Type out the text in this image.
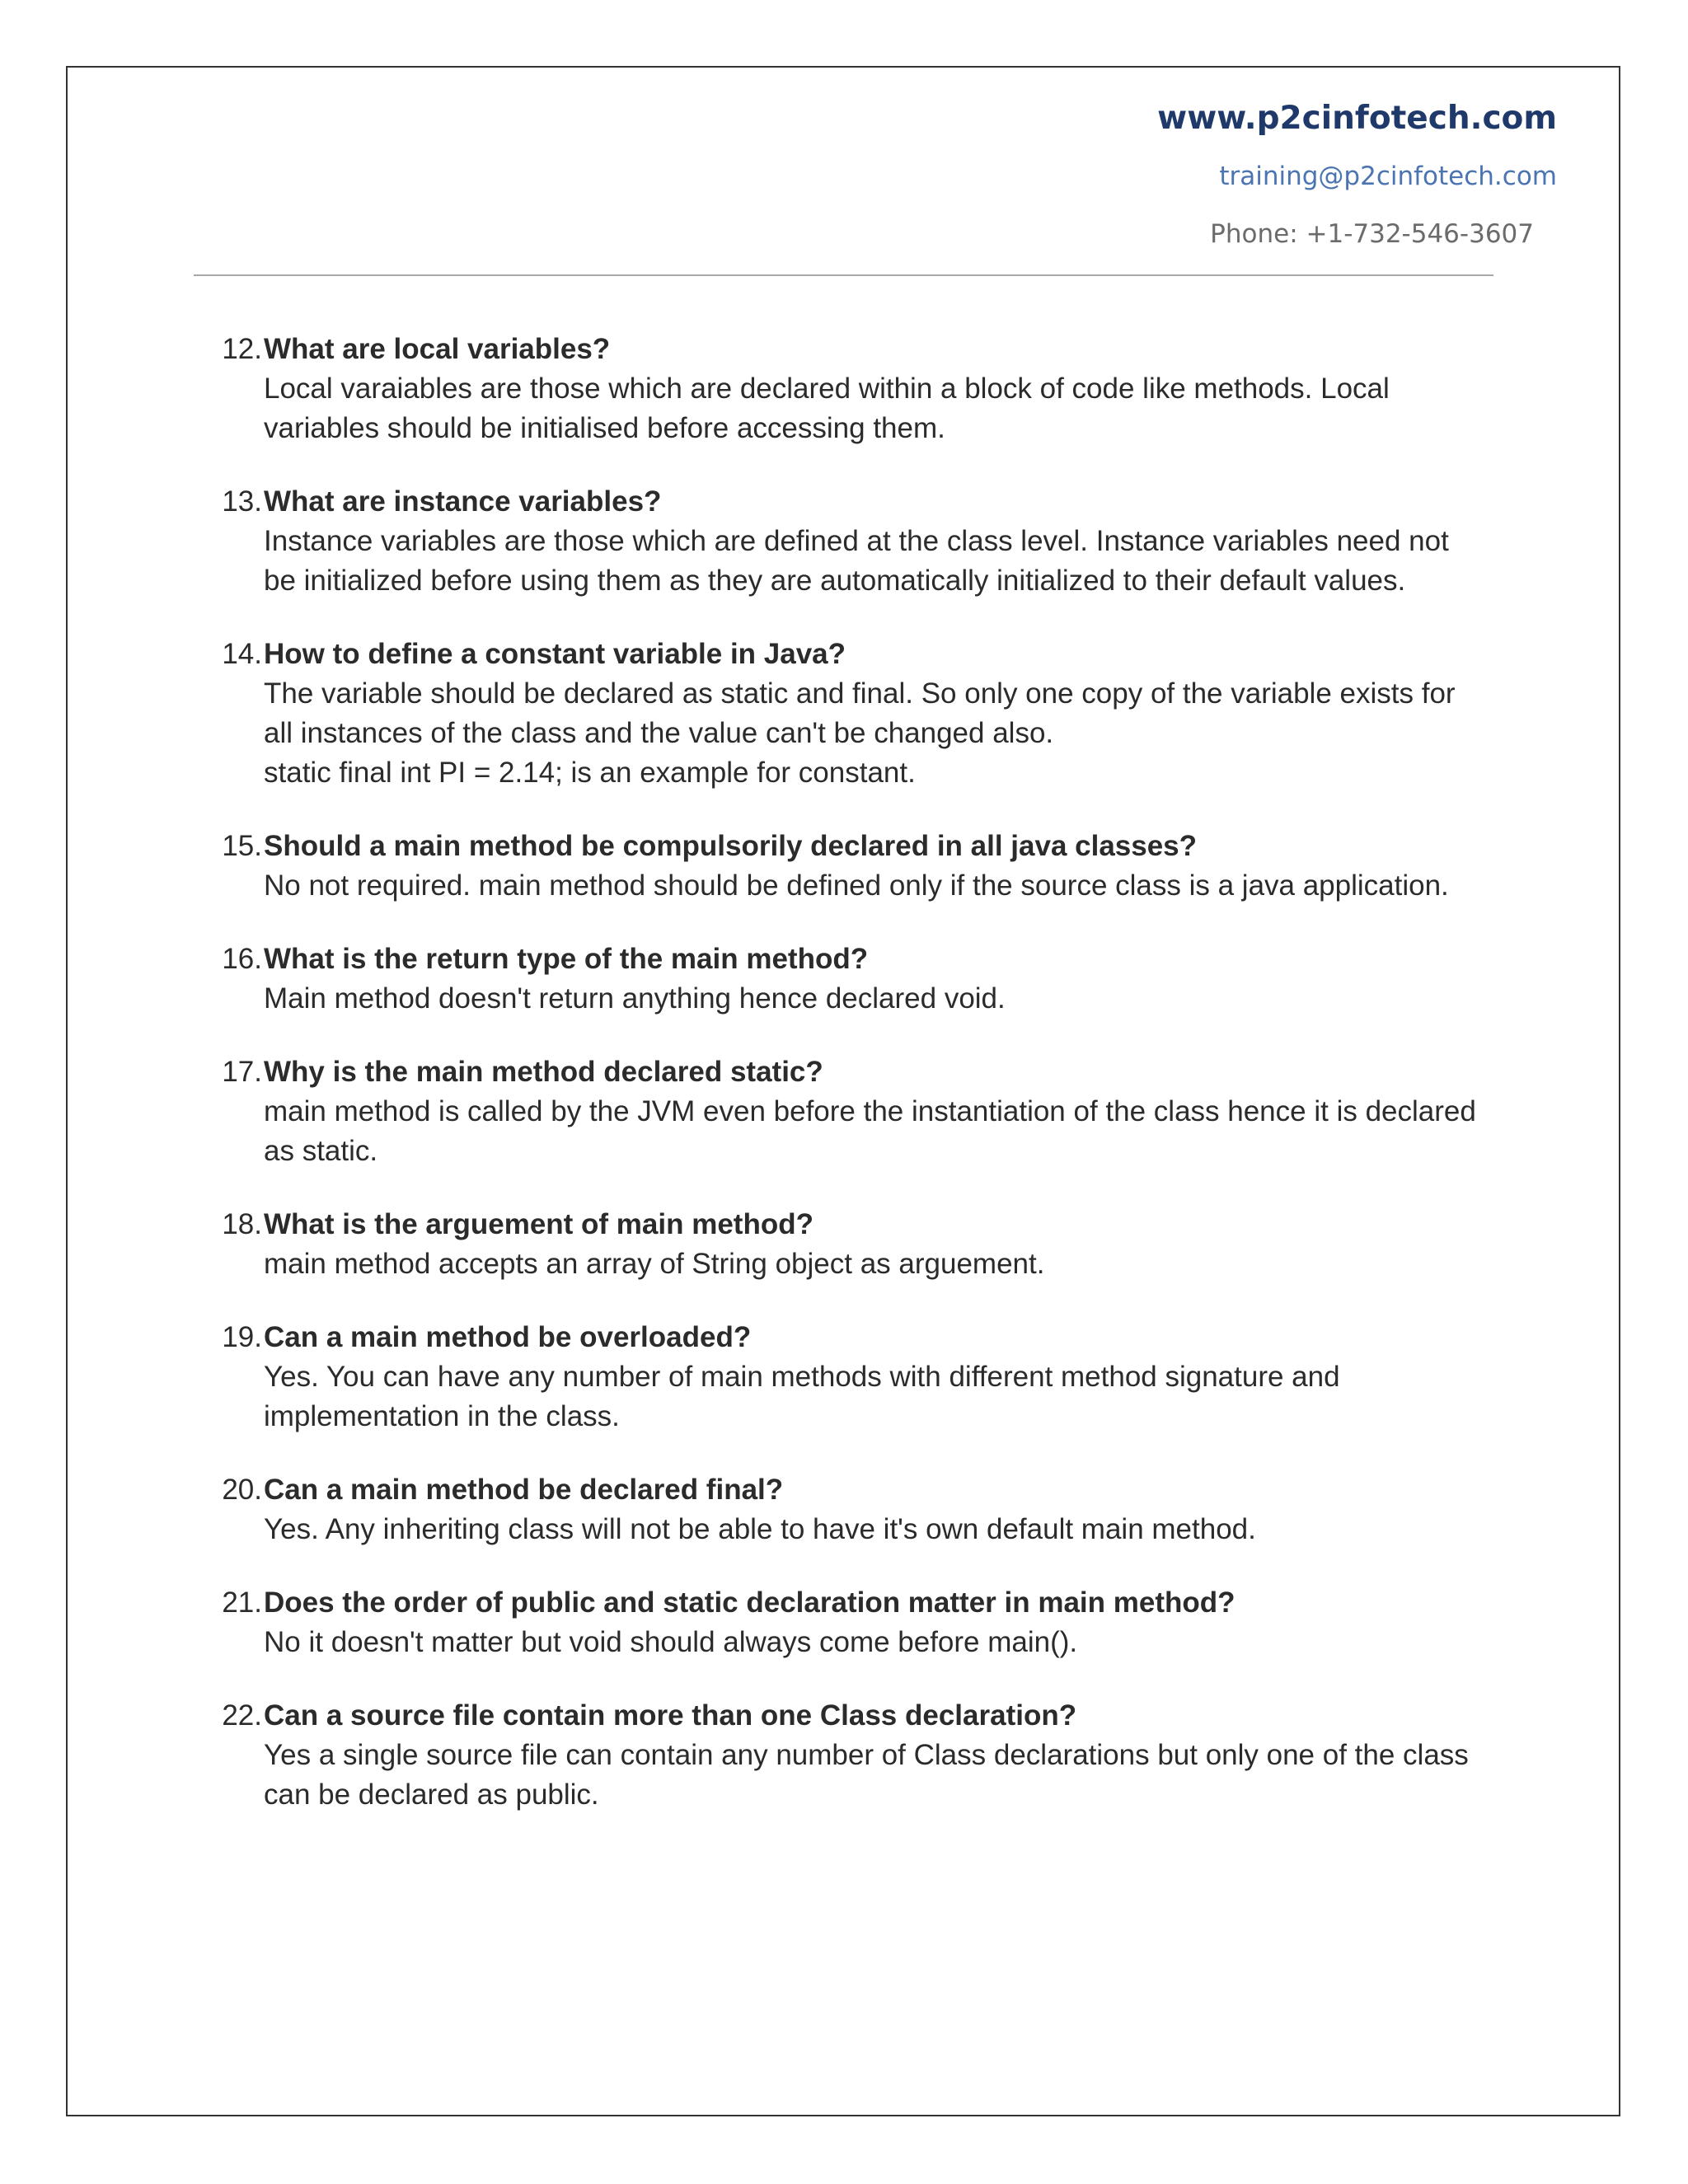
www.p2cinfotech.com
training@p2cinfotech.com
Phone: +1-732-546-3607
12. What are local variables?
Local varaiables are those which are declared within a block of code like methods. Local variables should be initialised before accessing them.
13. What are instance variables?
Instance variables are those which are defined at the class level. Instance variables need not be initialized before using them as they are automatically initialized to their default values.
14. How to define a constant variable in Java?
The variable should be declared as static and final. So only one copy of the variable exists for all instances of the class and the value can't be changed also.
static final int PI = 2.14; is an example for constant.
15. Should a main method be compulsorily declared in all java classes?
No not required. main method should be defined only if the source class is a java application.
16. What is the return type of the main method?
Main method doesn't return anything hence declared void.
17. Why is the main method declared static?
main method is called by the JVM even before the instantiation of the class hence it is declared as static.
18. What is the arguement of main method?
main method accepts an array of String object as arguement.
19. Can a main method be overloaded?
Yes. You can have any number of main methods with different method signature and implementation in the class.
20. Can a main method be declared final?
Yes. Any inheriting class will not be able to have it's own default main method.
21. Does the order of public and static declaration matter in main method?
No it doesn't matter but void should always come before main().
22. Can a source file contain more than one Class declaration?
Yes a single source file can contain any number of Class declarations but only one of the class can be declared as public.
